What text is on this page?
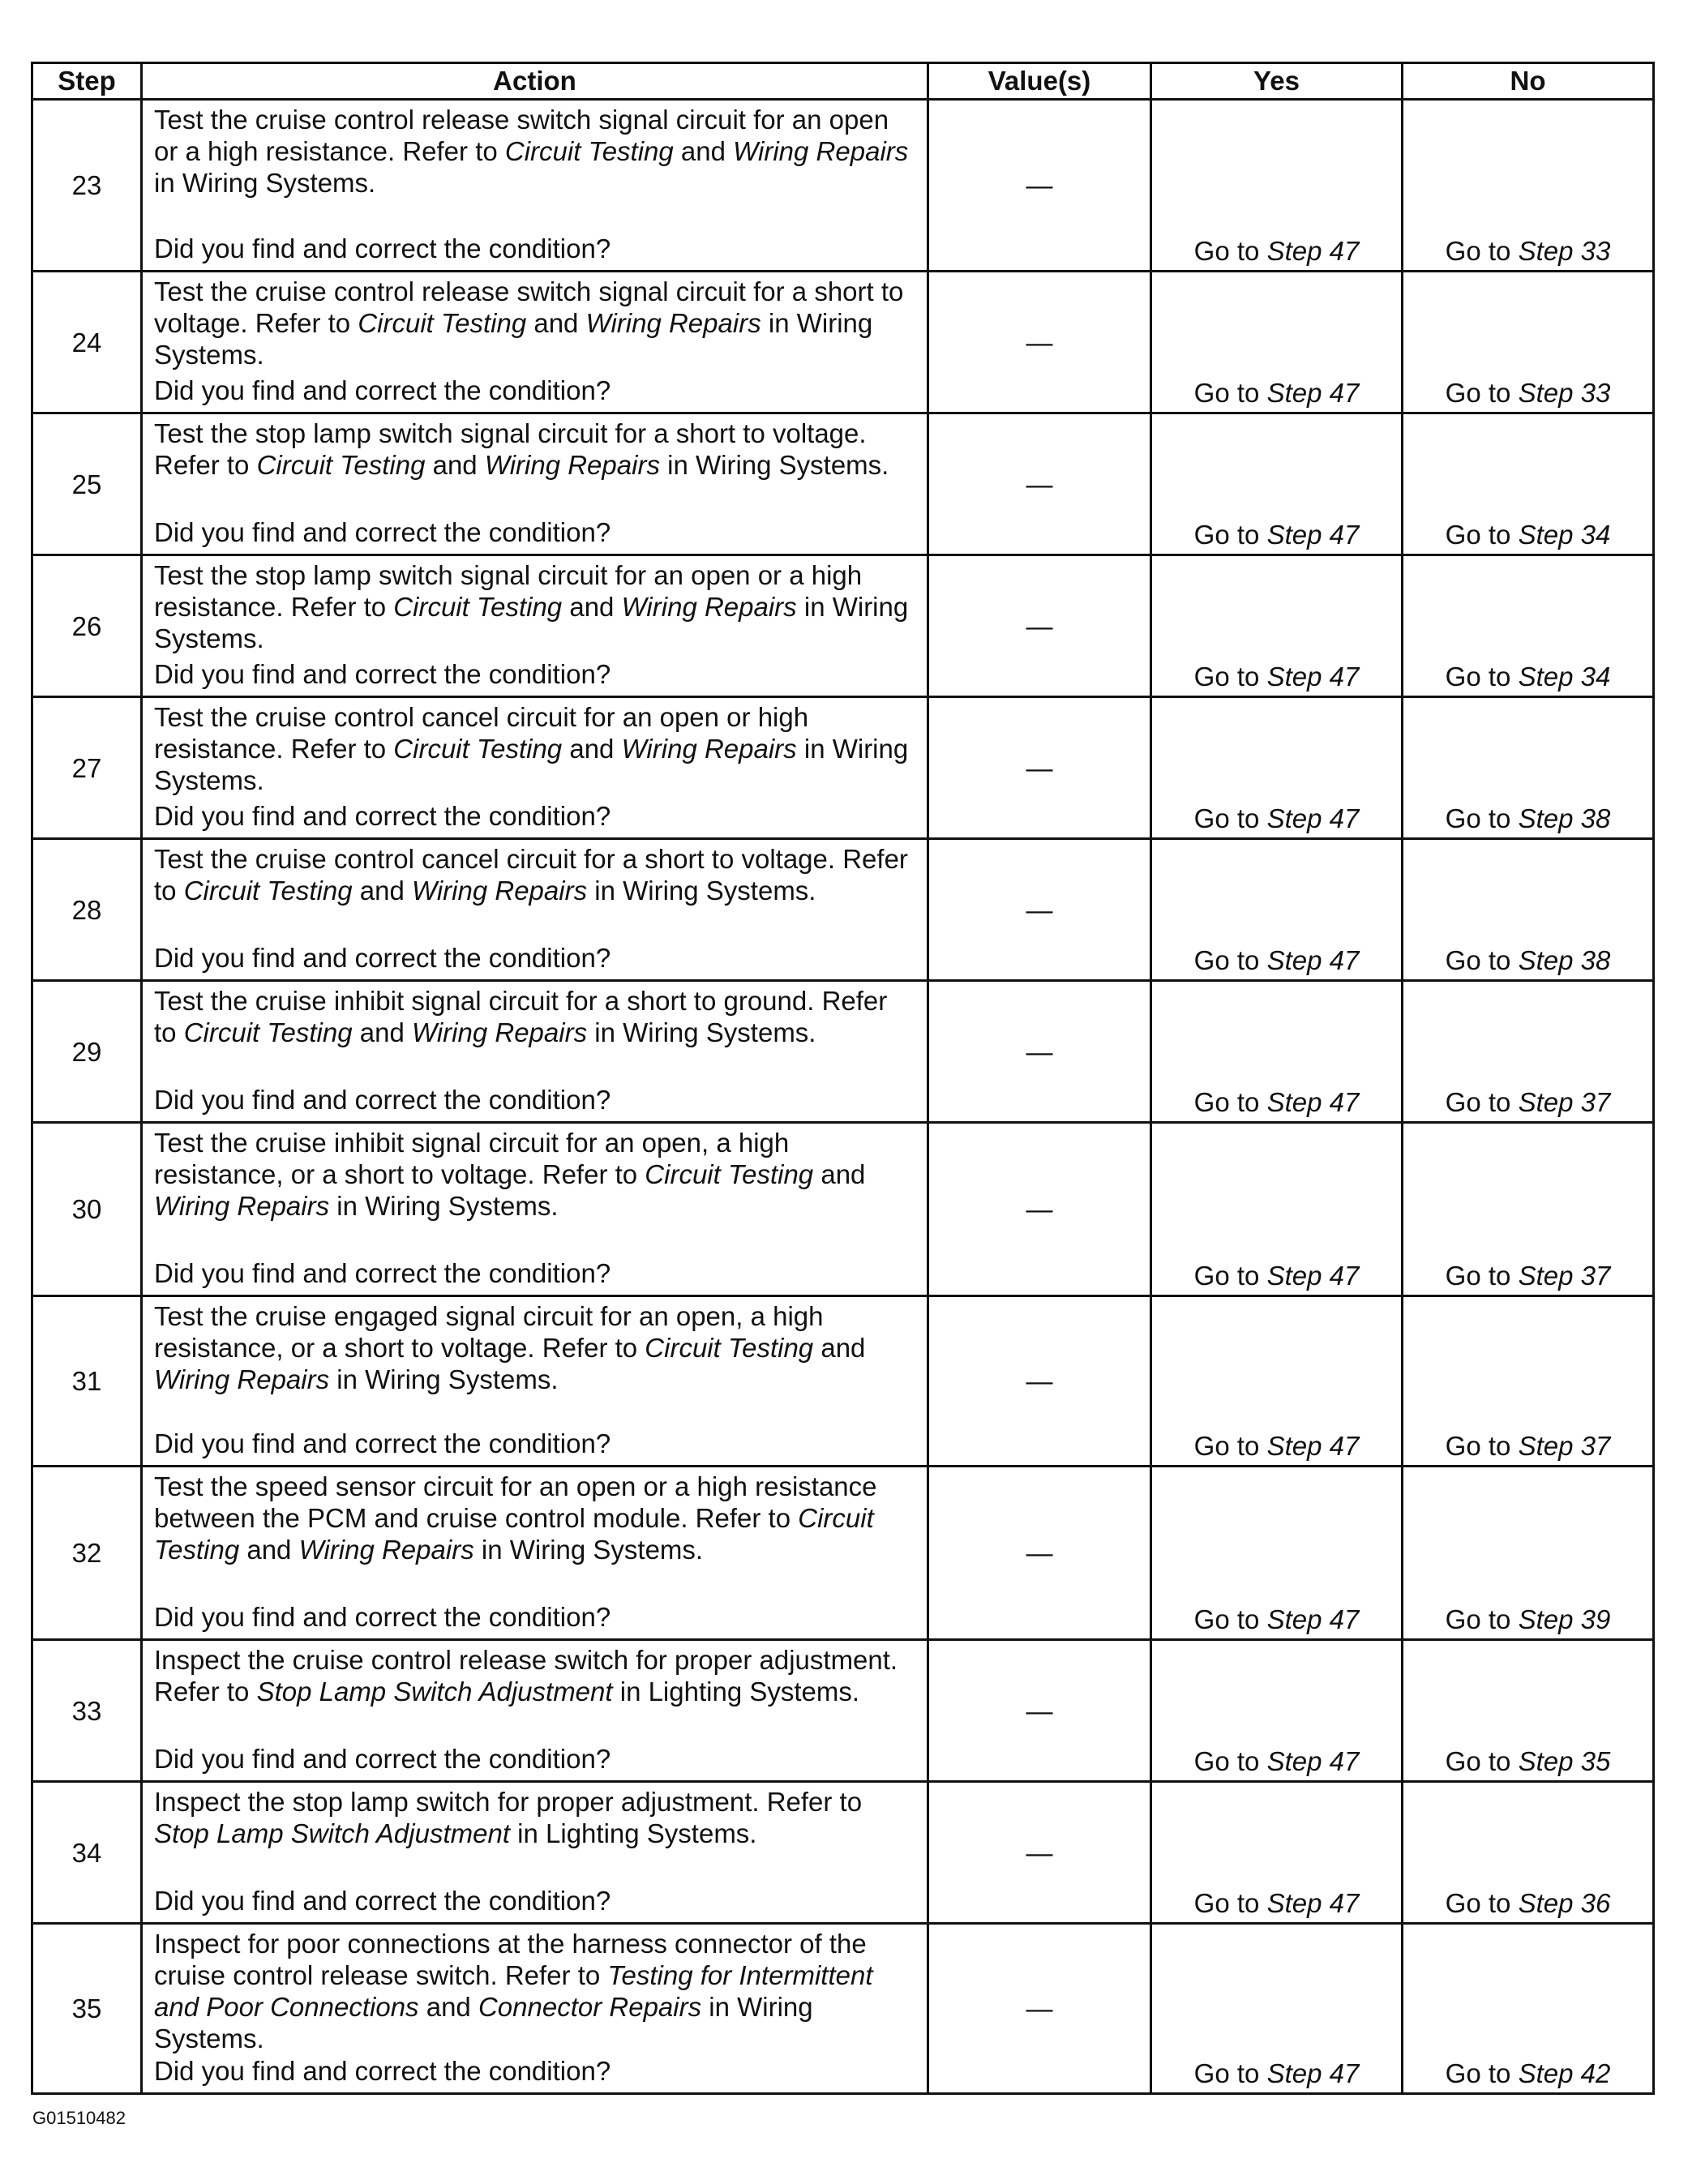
Step	Action	Value(s)	Yes	No
23	Test the cruise control release switch signal circuit for an open or a high resistance. Refer to Circuit Testing and Wiring Repairs in Wiring Systems.
Did you find and correct the condition?	—	Go to Step 47	Go to Step 33
24	Test the cruise control release switch signal circuit for a short to voltage. Refer to Circuit Testing and Wiring Repairs in Wiring Systems.
Did you find and correct the condition?	—	Go to Step 47	Go to Step 33
25	Test the stop lamp switch signal circuit for a short to voltage. Refer to Circuit Testing and Wiring Repairs in Wiring Systems.
Did you find and correct the condition?	—	Go to Step 47	Go to Step 34
26	Test the stop lamp switch signal circuit for an open or a high resistance. Refer to Circuit Testing and Wiring Repairs in Wiring Systems.
Did you find and correct the condition?	—	Go to Step 47	Go to Step 34
27	Test the cruise control cancel circuit for an open or high resistance. Refer to Circuit Testing and Wiring Repairs in Wiring Systems.
Did you find and correct the condition?	—	Go to Step 47	Go to Step 38
28	Test the cruise control cancel circuit for a short to voltage. Refer to Circuit Testing and Wiring Repairs in Wiring Systems.
Did you find and correct the condition?	—	Go to Step 47	Go to Step 38
29	Test the cruise inhibit signal circuit for a short to ground. Refer to Circuit Testing and Wiring Repairs in Wiring Systems.
Did you find and correct the condition?	—	Go to Step 47	Go to Step 37
30	Test the cruise inhibit signal circuit for an open, a high resistance, or a short to voltage. Refer to Circuit Testing and Wiring Repairs in Wiring Systems.
Did you find and correct the condition?	—	Go to Step 47	Go to Step 37
31	Test the cruise engaged signal circuit for an open, a high resistance, or a short to voltage. Refer to Circuit Testing and Wiring Repairs in Wiring Systems.
Did you find and correct the condition?	—	Go to Step 47	Go to Step 37
32	Test the speed sensor circuit for an open or a high resistance between the PCM and cruise control module. Refer to Circuit Testing and Wiring Repairs in Wiring Systems.
Did you find and correct the condition?	—	Go to Step 47	Go to Step 39
33	Inspect the cruise control release switch for proper adjustment. Refer to Stop Lamp Switch Adjustment in Lighting Systems.
Did you find and correct the condition?	—	Go to Step 47	Go to Step 35
34	Inspect the stop lamp switch for proper adjustment. Refer to Stop Lamp Switch Adjustment in Lighting Systems.
Did you find and correct the condition?	—	Go to Step 47	Go to Step 36
35	Inspect for poor connections at the harness connector of the cruise control release switch. Refer to Testing for Intermittent and Poor Connections and Connector Repairs in Wiring Systems.
Did you find and correct the condition?	—	Go to Step 47	Go to Step 42
G01510482
